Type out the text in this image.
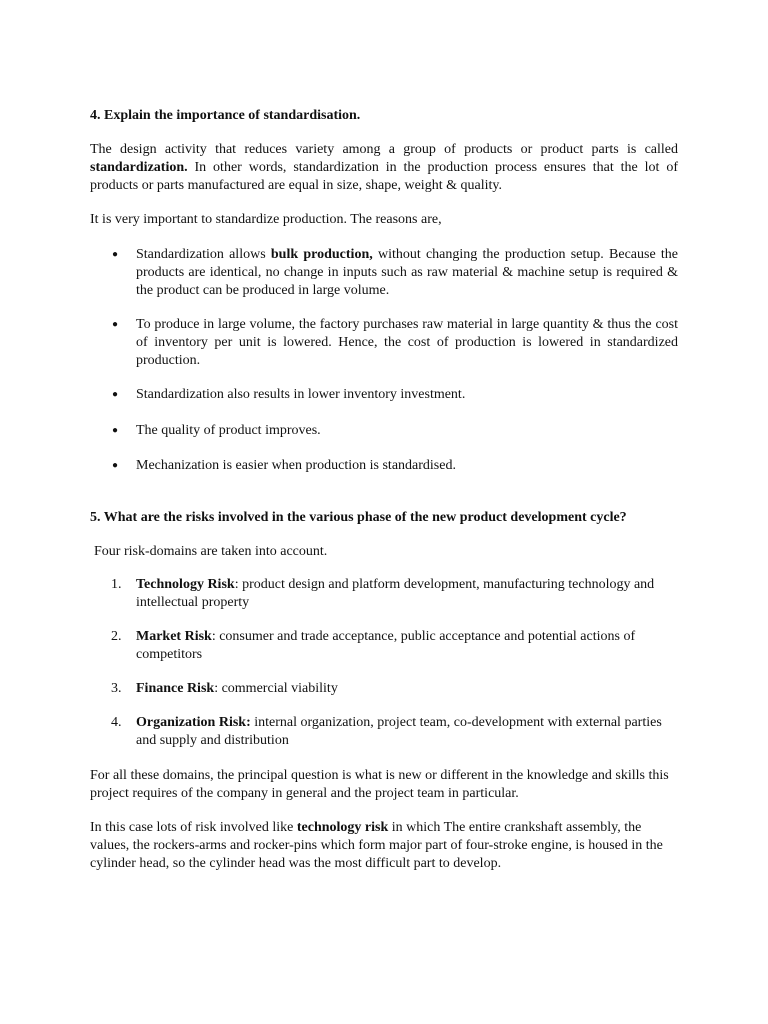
4. Explain the importance of standardisation.

The design activity that reduces variety among a group of products or product parts is called standardization. In other words, standardization in the production process ensures that the lot of products or parts manufactured are equal in size, shape, weight & quality.

It is very important to standardize production. The reasons are,

● Standardization allows bulk production, without changing the production setup. Because the products are identical, no change in inputs such as raw material & machine setup is required & the product can be produced in large volume.
● To produce in large volume, the factory purchases raw material in large quantity & thus the cost of inventory per unit is lowered. Hence, the cost of production is lowered in standardized production.
● Standardization also results in lower inventory investment.
● The quality of product improves.
● Mechanization is easier when production is standardised.

5. What are the risks involved in the various phase of the new product development cycle?

Four risk-domains are taken into account.

1. Technology Risk: product design and platform development, manufacturing technology and intellectual property
2. Market Risk: consumer and trade acceptance, public acceptance and potential actions of competitors
3. Finance Risk: commercial viability
4. Organization Risk: internal organization, project team, co-development with external parties and supply and distribution

For all these domains, the principal question is what is new or different in the knowledge and skills this project requires of the company in general and the project team in particular.

In this case lots of risk involved like technology risk in which The entire crankshaft assembly, the values, the rockers-arms and rocker-pins which form major part of four-stroke engine, is housed in the cylinder head, so the cylinder head was the most difficult part to develop.
